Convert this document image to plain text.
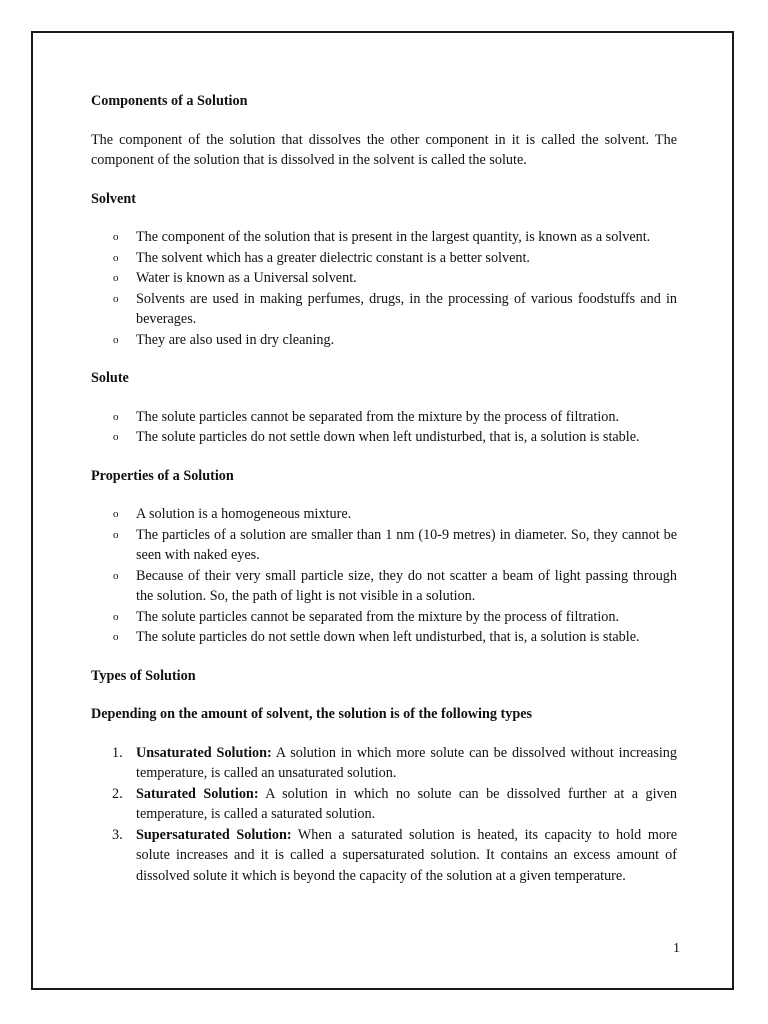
Components of a Solution

The component of the solution that dissolves the other component in it is called the solvent. The component of the solution that is dissolved in the solvent is called the solute.

Solvent

o The component of the solution that is present in the largest quantity, is known as a solvent.
o The solvent which has a greater dielectric constant is a better solvent.
o Water is known as a Universal solvent.
o Solvents are used in making perfumes, drugs, in the processing of various foodstuffs and in beverages.
o They are also used in dry cleaning.

Solute

o The solute particles cannot be separated from the mixture by the process of filtration.
o The solute particles do not settle down when left undisturbed, that is, a solution is stable.

Properties of a Solution

o A solution is a homogeneous mixture.
o The particles of a solution are smaller than 1 nm (10-9 metres) in diameter. So, they cannot be seen with naked eyes.
o Because of their very small particle size, they do not scatter a beam of light passing through the solution. So, the path of light is not visible in a solution.
o The solute particles cannot be separated from the mixture by the process of filtration.
o The solute particles do not settle down when left undisturbed, that is, a solution is stable.

Types of Solution

Depending on the amount of solvent, the solution is of the following types

1. Unsaturated Solution: A solution in which more solute can be dissolved without increasing temperature, is called an unsaturated solution.
2. Saturated Solution: A solution in which no solute can be dissolved further at a given temperature, is called a saturated solution.
3. Supersaturated Solution: When a saturated solution is heated, its capacity to hold more solute increases and it is called a supersaturated solution. It contains an excess amount of dissolved solute it which is beyond the capacity of the solution at a given temperature.
1
